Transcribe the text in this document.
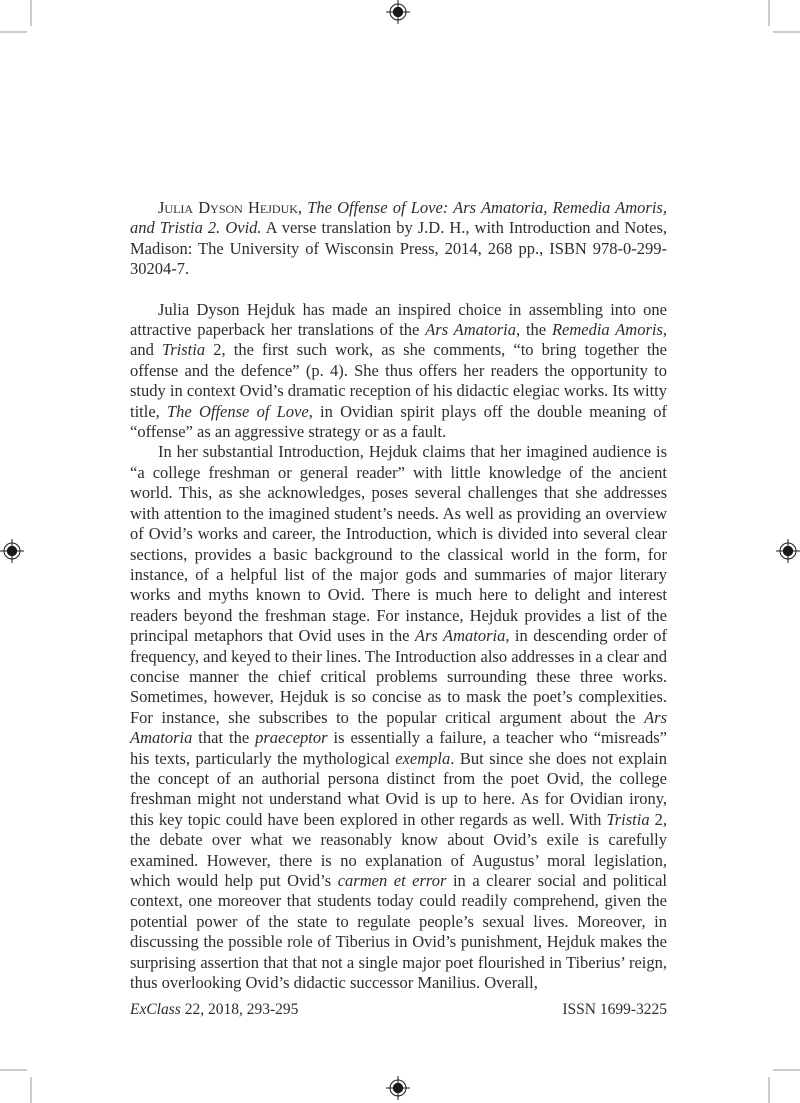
Julia Dyson Hejduk, The Offense of Love: Ars Amatoria, Remedia Amoris, and Tristia 2. Ovid. A verse translation by J.D. H., with Introduction and Notes, Madison: The University of Wisconsin Press, 2014, 268 pp., ISBN 978-0-299-30204-7.

Julia Dyson Hejduk has made an inspired choice in assembling into one attractive paperback her translations of the Ars Amatoria, the Remedia Amoris, and Tristia 2, the first such work, as she comments, “to bring together the offense and the defence” (p. 4). She thus offers her readers the opportunity to study in context Ovid’s dramatic reception of his didactic elegiac works. Its witty title, The Offense of Love, in Ovidian spirit plays off the double meaning of “offense” as an aggressive strategy or as a fault.

In her substantial Introduction, Hejduk claims that her imagined audience is “a college freshman or general reader” with little knowledge of the ancient world. This, as she acknowledges, poses several challenges that she addresses with attention to the imagined student’s needs. As well as providing an overview of Ovid’s works and career, the Introduction, which is divided into several clear sections, provides a basic background to the classical world in the form, for instance, of a helpful list of the major gods and summaries of major literary works and myths known to Ovid. There is much here to delight and interest readers beyond the freshman stage. For instance, Hejduk provides a list of the principal metaphors that Ovid uses in the Ars Amatoria, in descending order of frequency, and keyed to their lines. The Introduction also addresses in a clear and concise manner the chief critical problems surrounding these three works. Sometimes, however, Hejduk is so concise as to mask the poet’s complexities. For instance, she subscribes to the popular critical argument about the Ars Amatoria that the praeceptor is essentially a failure, a teacher who “misreads” his texts, particularly the mythological exempla. But since she does not explain the concept of an authorial persona distinct from the poet Ovid, the college freshman might not understand what Ovid is up to here. As for Ovidian irony, this key topic could have been explored in other regards as well. With Tristia 2, the debate over what we reasonably know about Ovid’s exile is carefully examined. However, there is no explanation of Augustus’ moral legislation, which would help put Ovid’s carmen et error in a clearer social and political context, one moreover that students today could readily comprehend, given the potential power of the state to regulate people’s sexual lives. Moreover, in discussing the possible role of Tiberius in Ovid’s punishment, Hejduk makes the surprising assertion that that not a single major poet flourished in Tiberius’ reign, thus overlooking Ovid’s didactic successor Manilius. Overall,

ExClass 22, 2018, 293-295	ISSN 1699-3225
